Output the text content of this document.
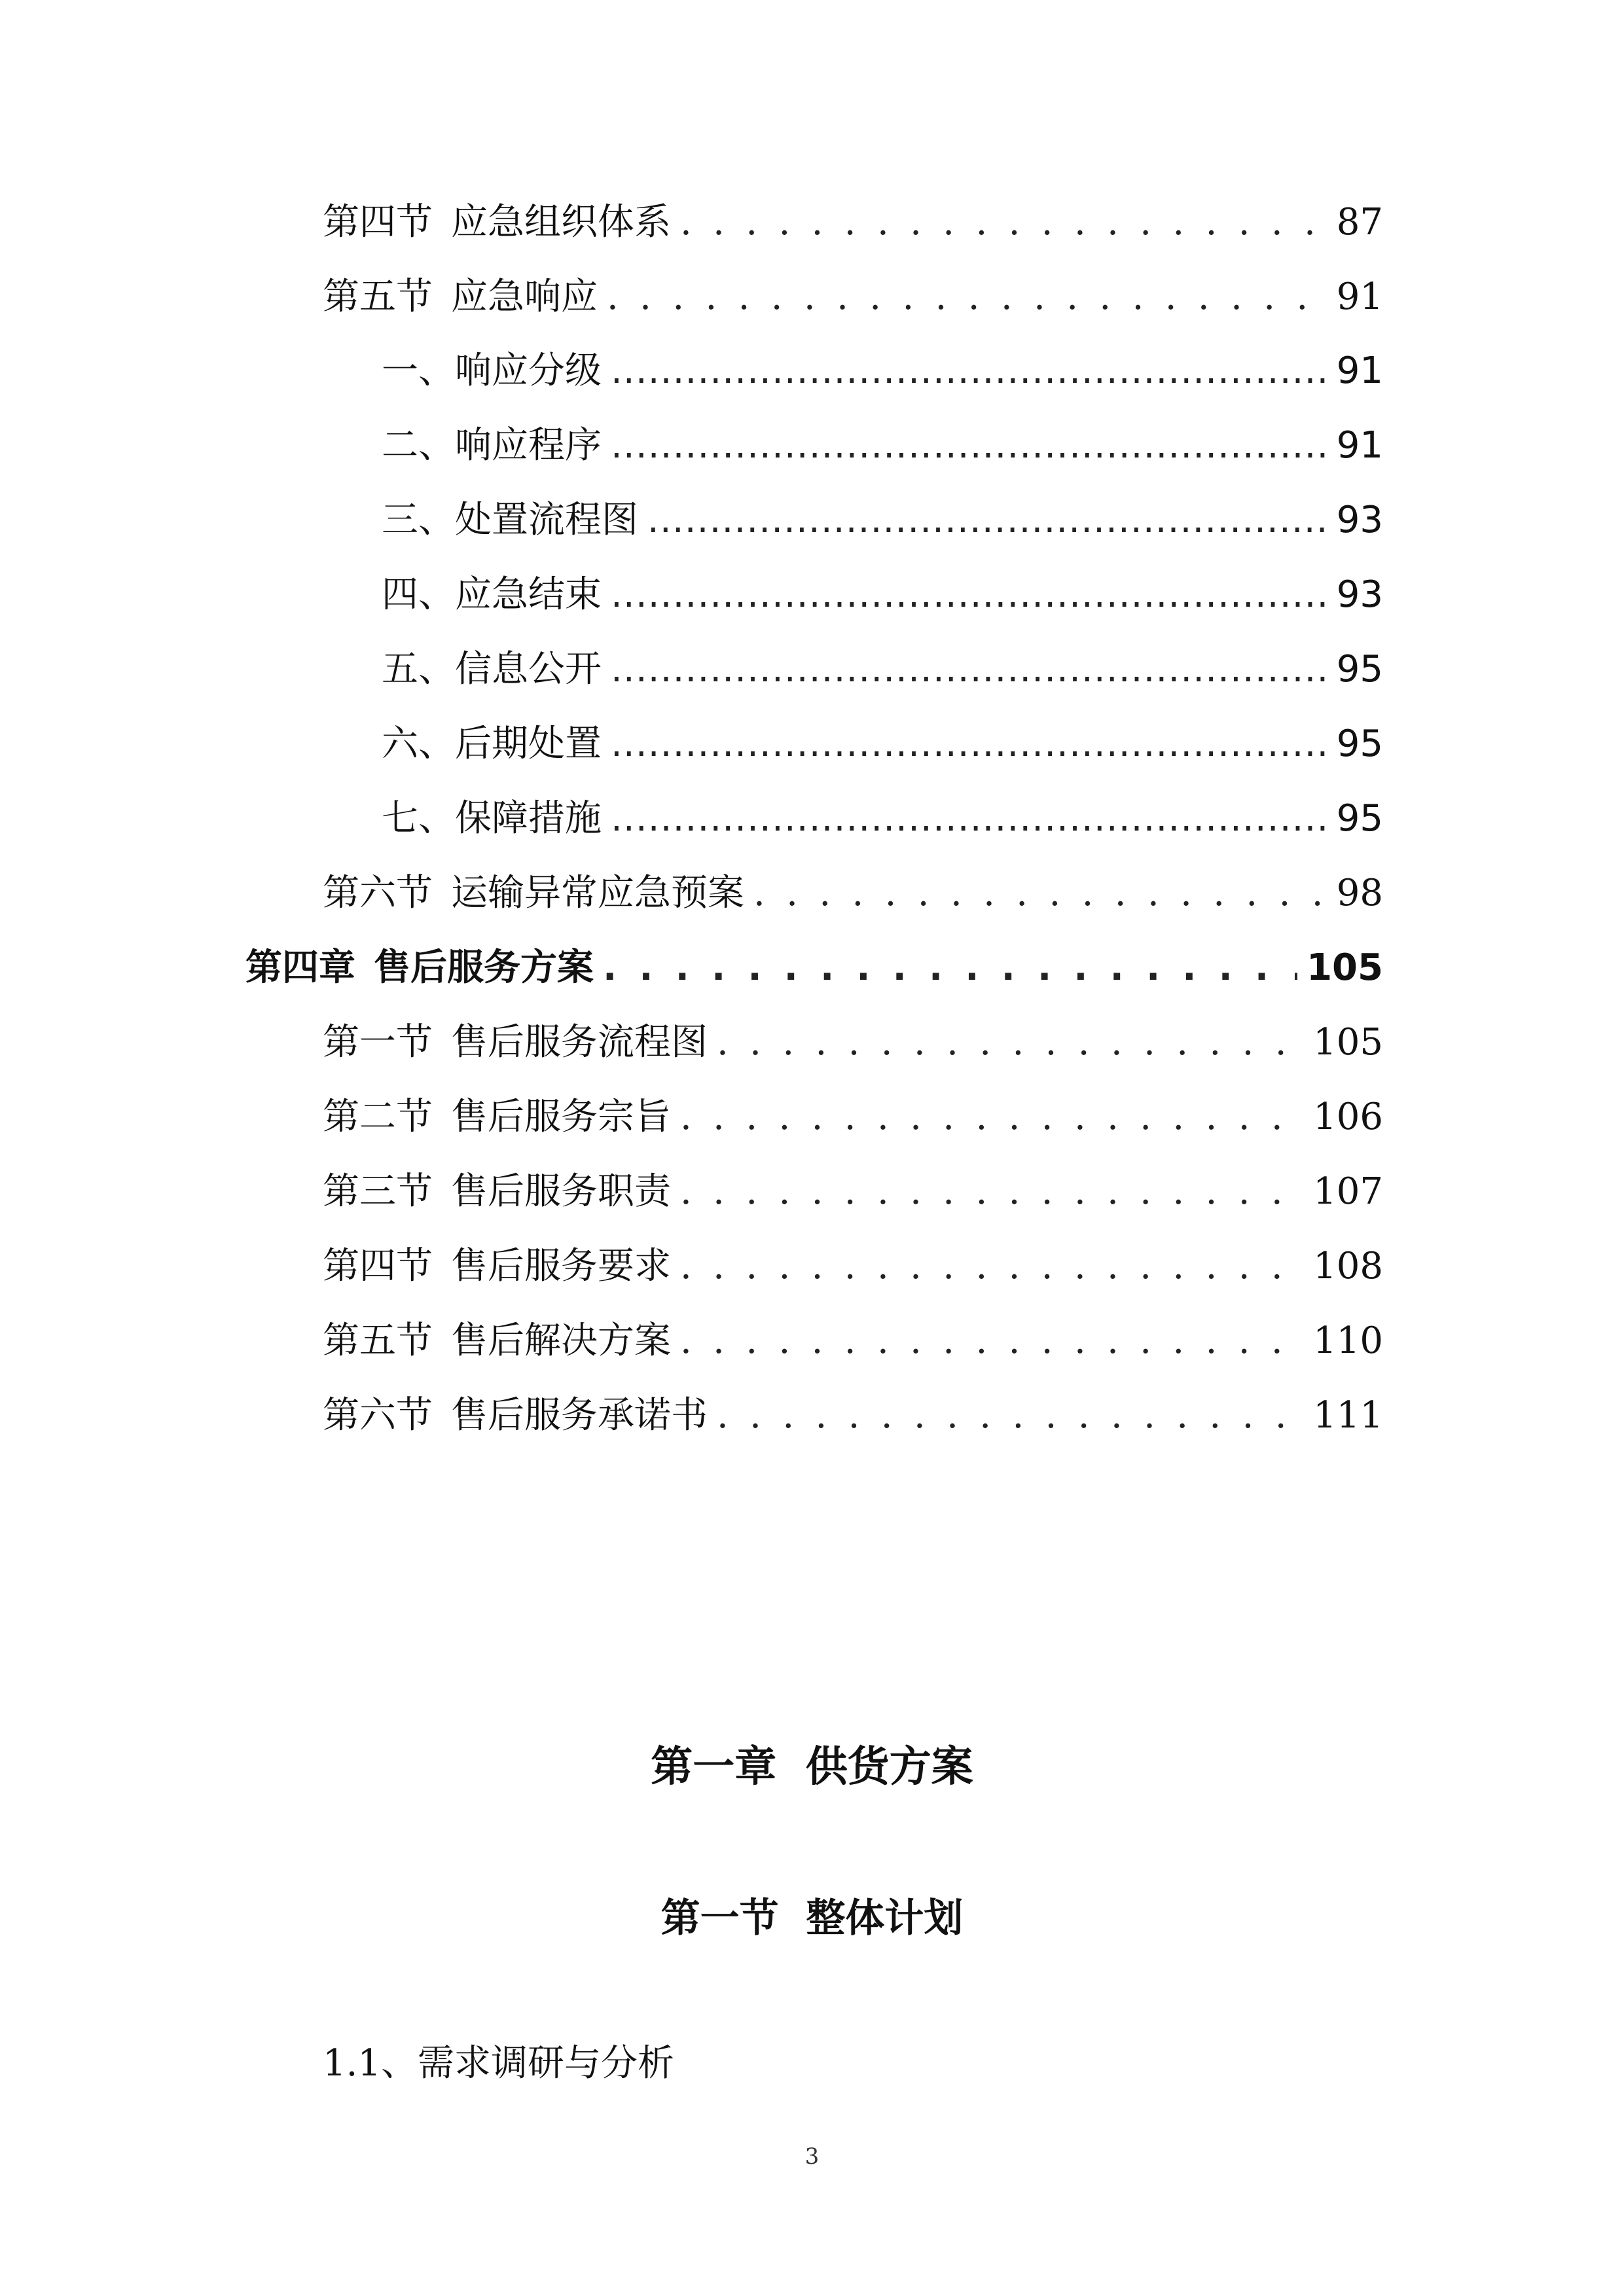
第四节 应急组织体系 . . .	87
第五节 应急响应 . . .	91
一、 响应分级 .....	91
二、 响应程序 .....	91
三、 处置流程图 .....	93
四、 应急结束 .....	93
五、 信息公开 .....	95
六、 后期处置 .....	95
七、 保障措施 .....	95
第六节 运输异常应急预案 . . .	98
第四章 售后服务方案 . . .	105
第一节 售后服务流程图 . . .	105
第二节 售后服务宗旨 . . .	106
第三节 售后服务职责 . . .	107
第四节 售后服务要求 . . .	108
第五节 售后解决方案 . . .	110
第六节 售后服务承诺书 . . .	111
第一章  供货方案
第一节  整体计划
1.1、需求调研与分析
3
